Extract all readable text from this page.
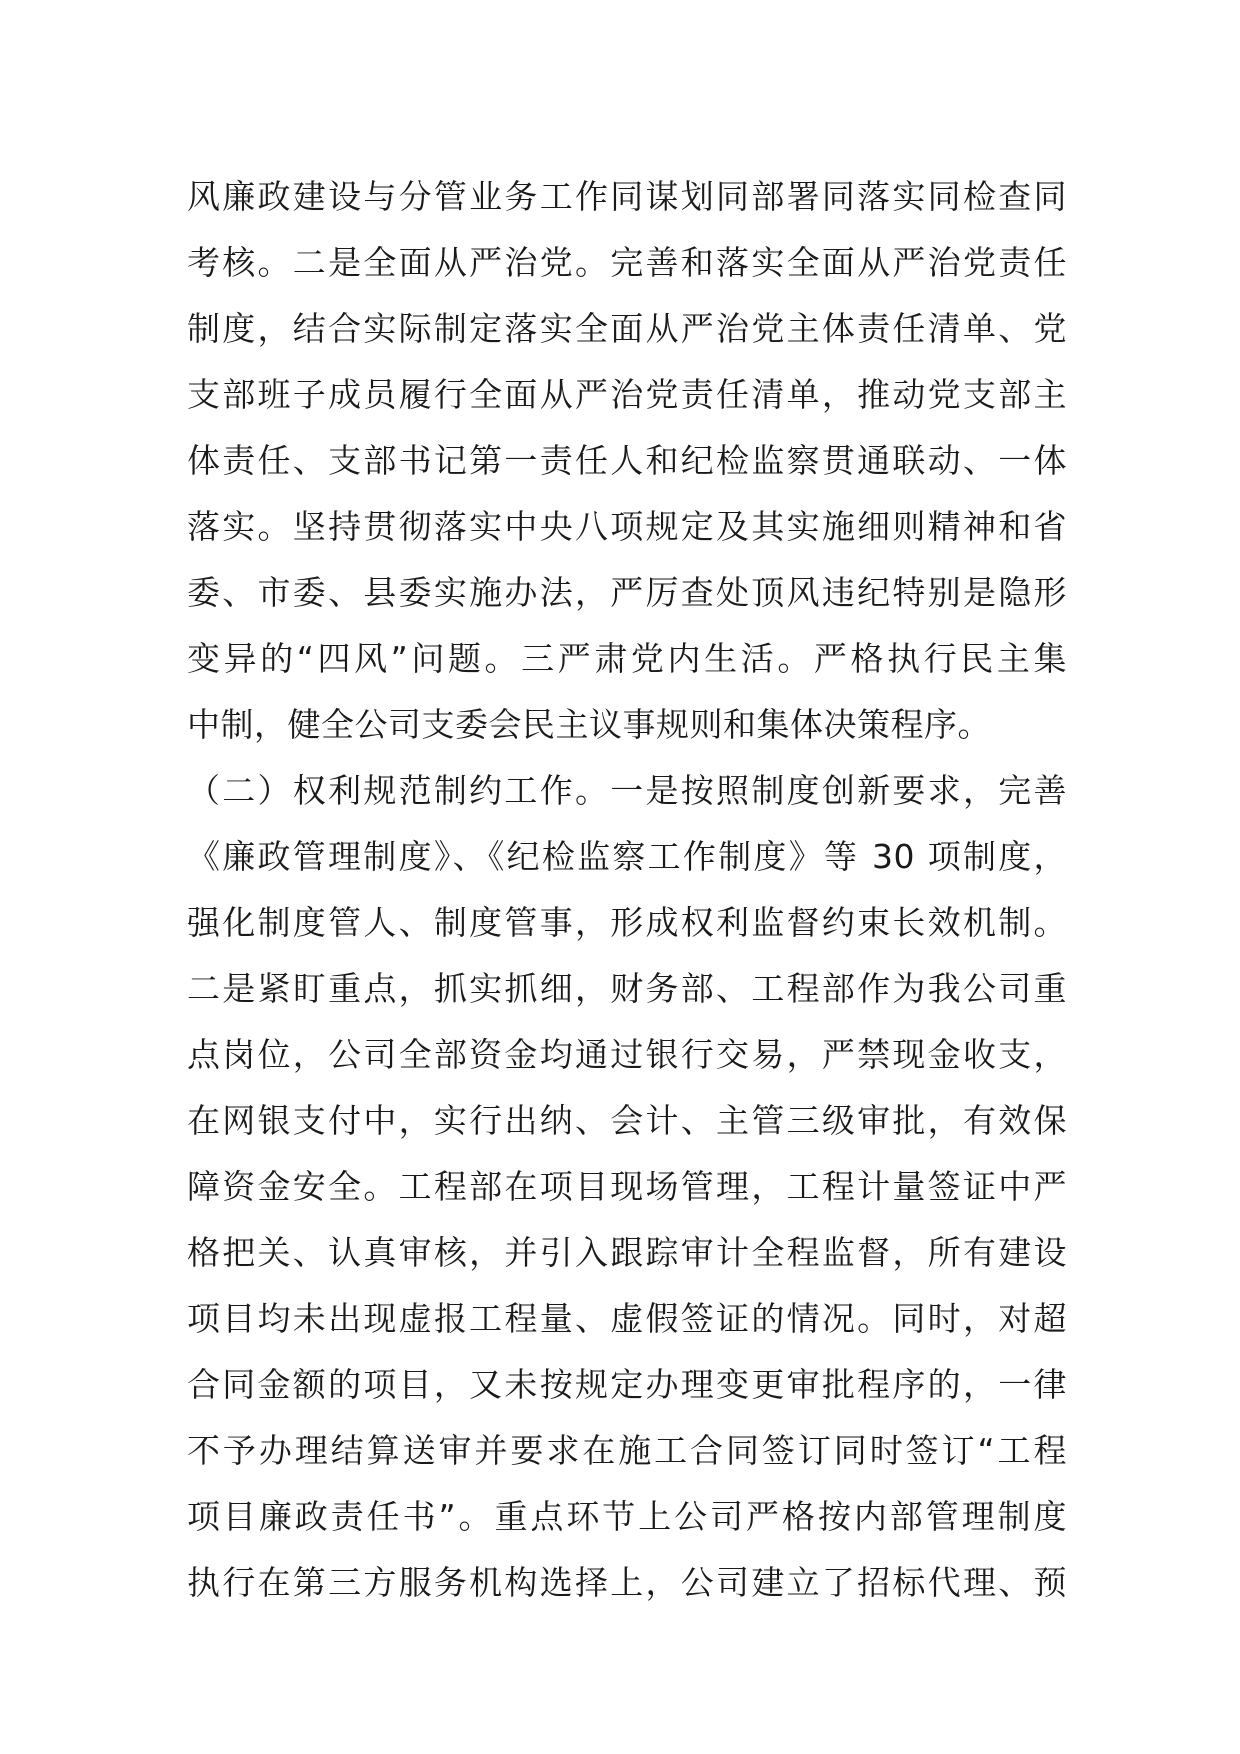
风廉政建设与分管业务工作同谋划同部署同落实同检查同
考核。二是全面从严治党。完善和落实全面从严治党责任
制度，结合实际制定落实全面从严治党主体责任清单、党
支部班子成员履行全面从严治党责任清单，推动党支部主
体责任、支部书记第一责任人和纪检监察贯通联动、一体
落实。坚持贯彻落实中央八项规定及其实施细则精神和省
委、市委、县委实施办法，严厉查处顶风违纪特别是隐形
变异的“四风”问题。三严肃党内生活。严格执行民主集
中制，健全公司支委会民主议事规则和集体决策程序。
（二）权利规范制约工作。一是按照制度创新要求，完善
《廉政管理制度》、《纪检监察工作制度》等 30 项制度，
强化制度管人、制度管事，形成权利监督约束长效机制。
二是紧盯重点，抓实抓细，财务部、工程部作为我公司重
点岗位，公司全部资金均通过银行交易，严禁现金收支，
在网银支付中，实行出纳、会计、主管三级审批，有效保
障资金安全。工程部在项目现场管理，工程计量签证中严
格把关、认真审核，并引入跟踪审计全程监督，所有建设
项目均未出现虚报工程量、虚假签证的情况。同时，对超
合同金额的项目，又未按规定办理变更审批程序的，一律
不予办理结算送审并要求在施工合同签订同时签订“工程
项目廉政责任书”。重点环节上公司严格按内部管理制度
执行在第三方服务机构选择上，公司建立了招标代理、预
